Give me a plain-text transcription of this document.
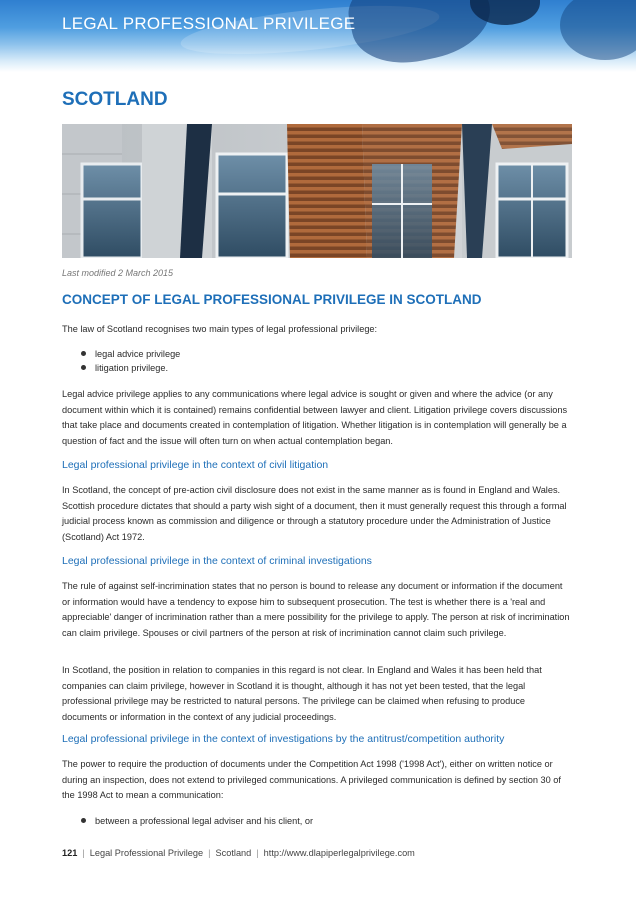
LEGAL PROFESSIONAL PRIVILEGE
SCOTLAND
Last modified 2 March 2015
CONCEPT OF LEGAL PROFESSIONAL PRIVILEGE IN SCOTLAND
The law of Scotland recognises two main types of legal professional privilege:
legal advice privilege
litigation privilege.
Legal advice privilege applies to any communications where legal advice is sought or given and where the advice (or any document within which it is contained) remains confidential between lawyer and client. Litigation privilege covers discussions that take place and documents created in contemplation of litigation. Whether litigation is in contemplation will generally be a question of fact and the issue will often turn on when actual contemplation began.
Legal professional privilege in the context of civil litigation
In Scotland, the concept of pre-action civil disclosure does not exist in the same manner as is found in England and Wales. Scottish procedure dictates that should a party wish sight of a document, then it must generally request this through a formal judicial process known as commission and diligence or through a statutory procedure under the Administration of Justice (Scotland) Act 1972.
Legal professional privilege in the context of criminal investigations
The rule of against self-incrimination states that no person is bound to release any document or information if the document or information would have a tendency to expose him to subsequent prosecution. The test is whether there is a 'real and appreciable' danger of incrimination rather than a mere possibility for the privilege to apply. The person at risk of incrimination can claim privilege. Spouses or civil partners of the person at risk of incrimination cannot claim such privilege.
In Scotland, the position in relation to companies in this regard is not clear. In England and Wales it has been held that companies can claim privilege, however in Scotland it is thought, although it has not yet been tested, that the legal professional privilege may be restricted to natural persons. The privilege can be claimed when refusing to produce documents or information in the context of any judicial proceedings.
Legal professional privilege in the context of investigations by the antitrust/competition authority
The power to require the production of documents under the Competition Act 1998 ('1998 Act'), either on written notice or during an inspection, does not extend to privileged communications. A privileged communication is defined by section 30 of the 1998 Act to mean a communication:
between a professional legal adviser and his client, or
121 | Legal Professional Privilege | Scotland | http://www.dlapiperlegalprivilege.com
